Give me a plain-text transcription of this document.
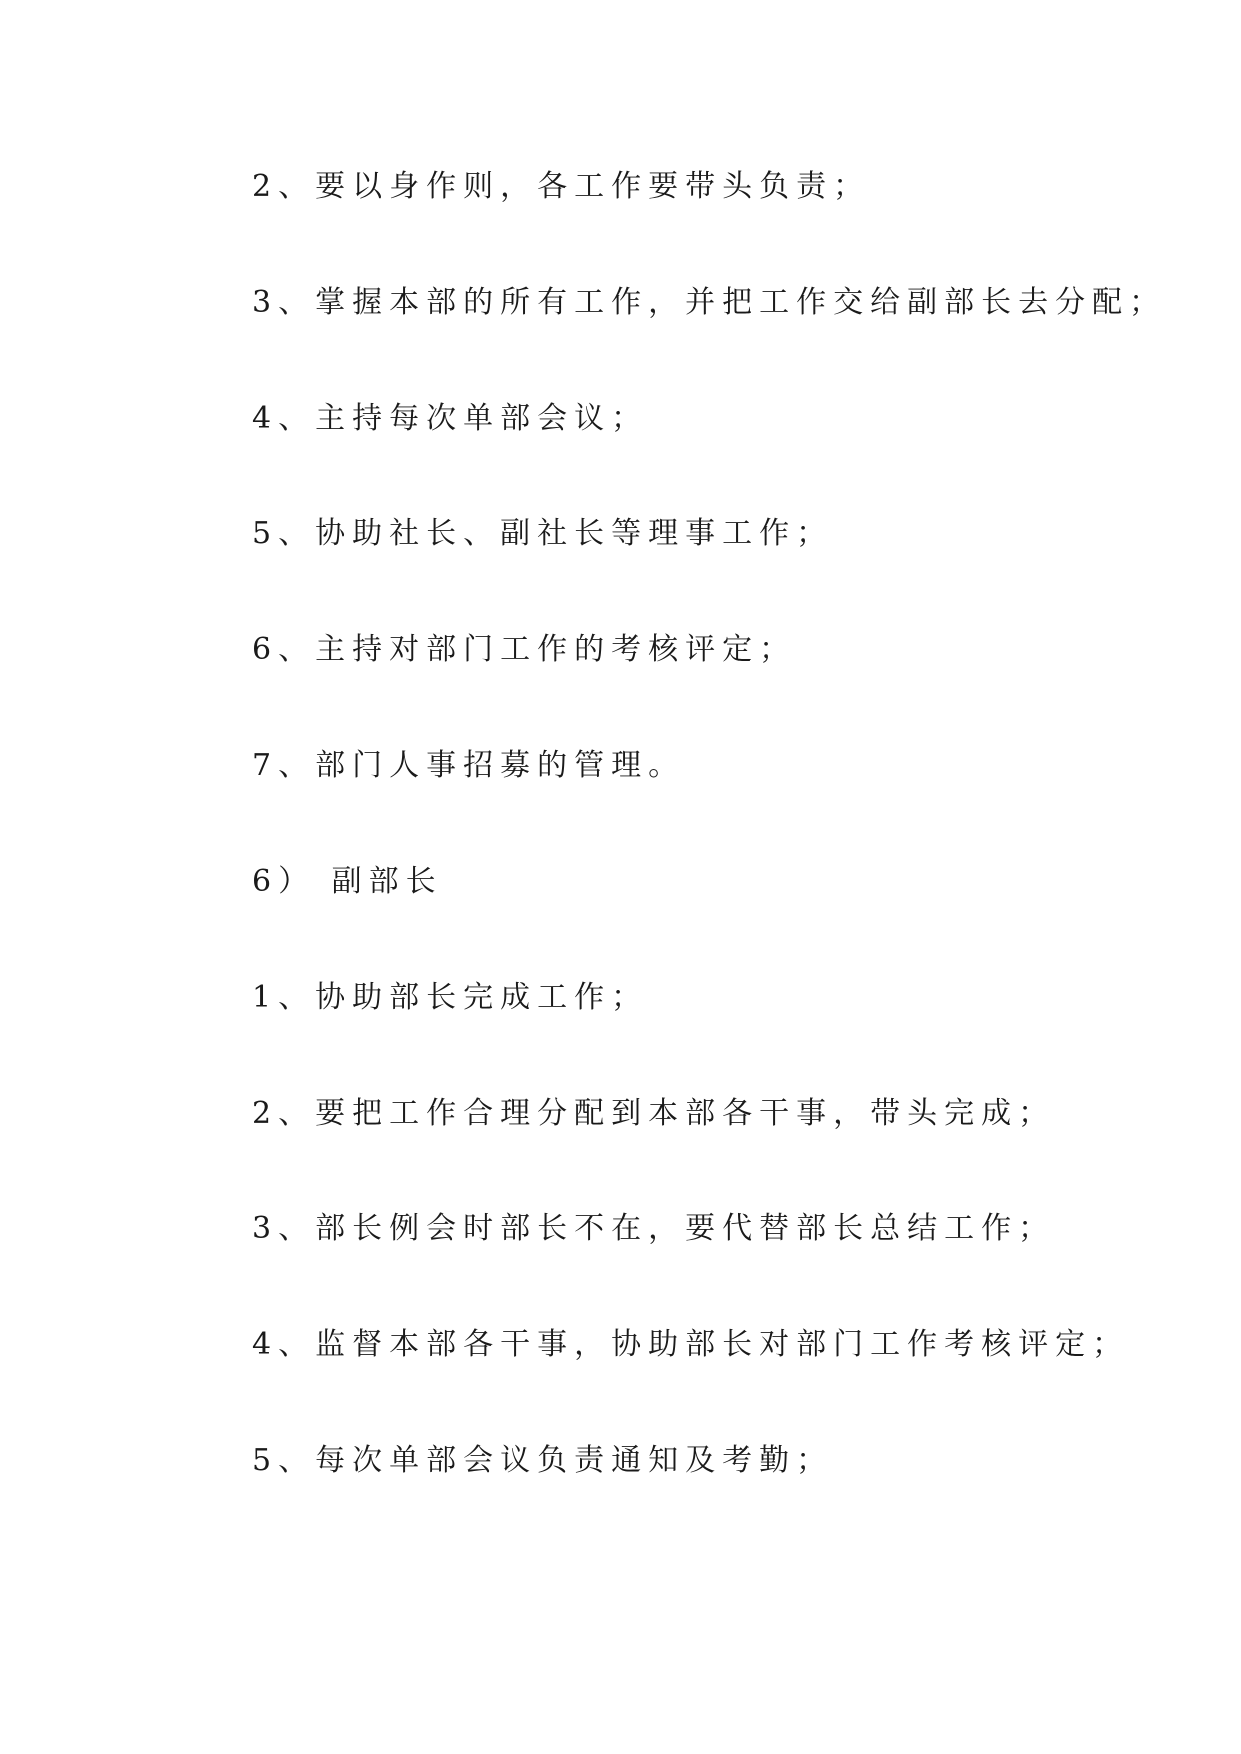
2、要以身作则，各工作要带头负责；

3、掌握本部的所有工作，并把工作交给副部长去分配；

4、主持每次单部会议；

5、协助社长、副社长等理事工作；

6、主持对部门工作的考核评定；

7、部门人事招募的管理。

6） 副部长

1、协助部长完成工作；

2、要把工作合理分配到本部各干事，带头完成；

3、部长例会时部长不在，要代替部长总结工作；

4、监督本部各干事，协助部长对部门工作考核评定；

5、每次单部会议负责通知及考勤；
